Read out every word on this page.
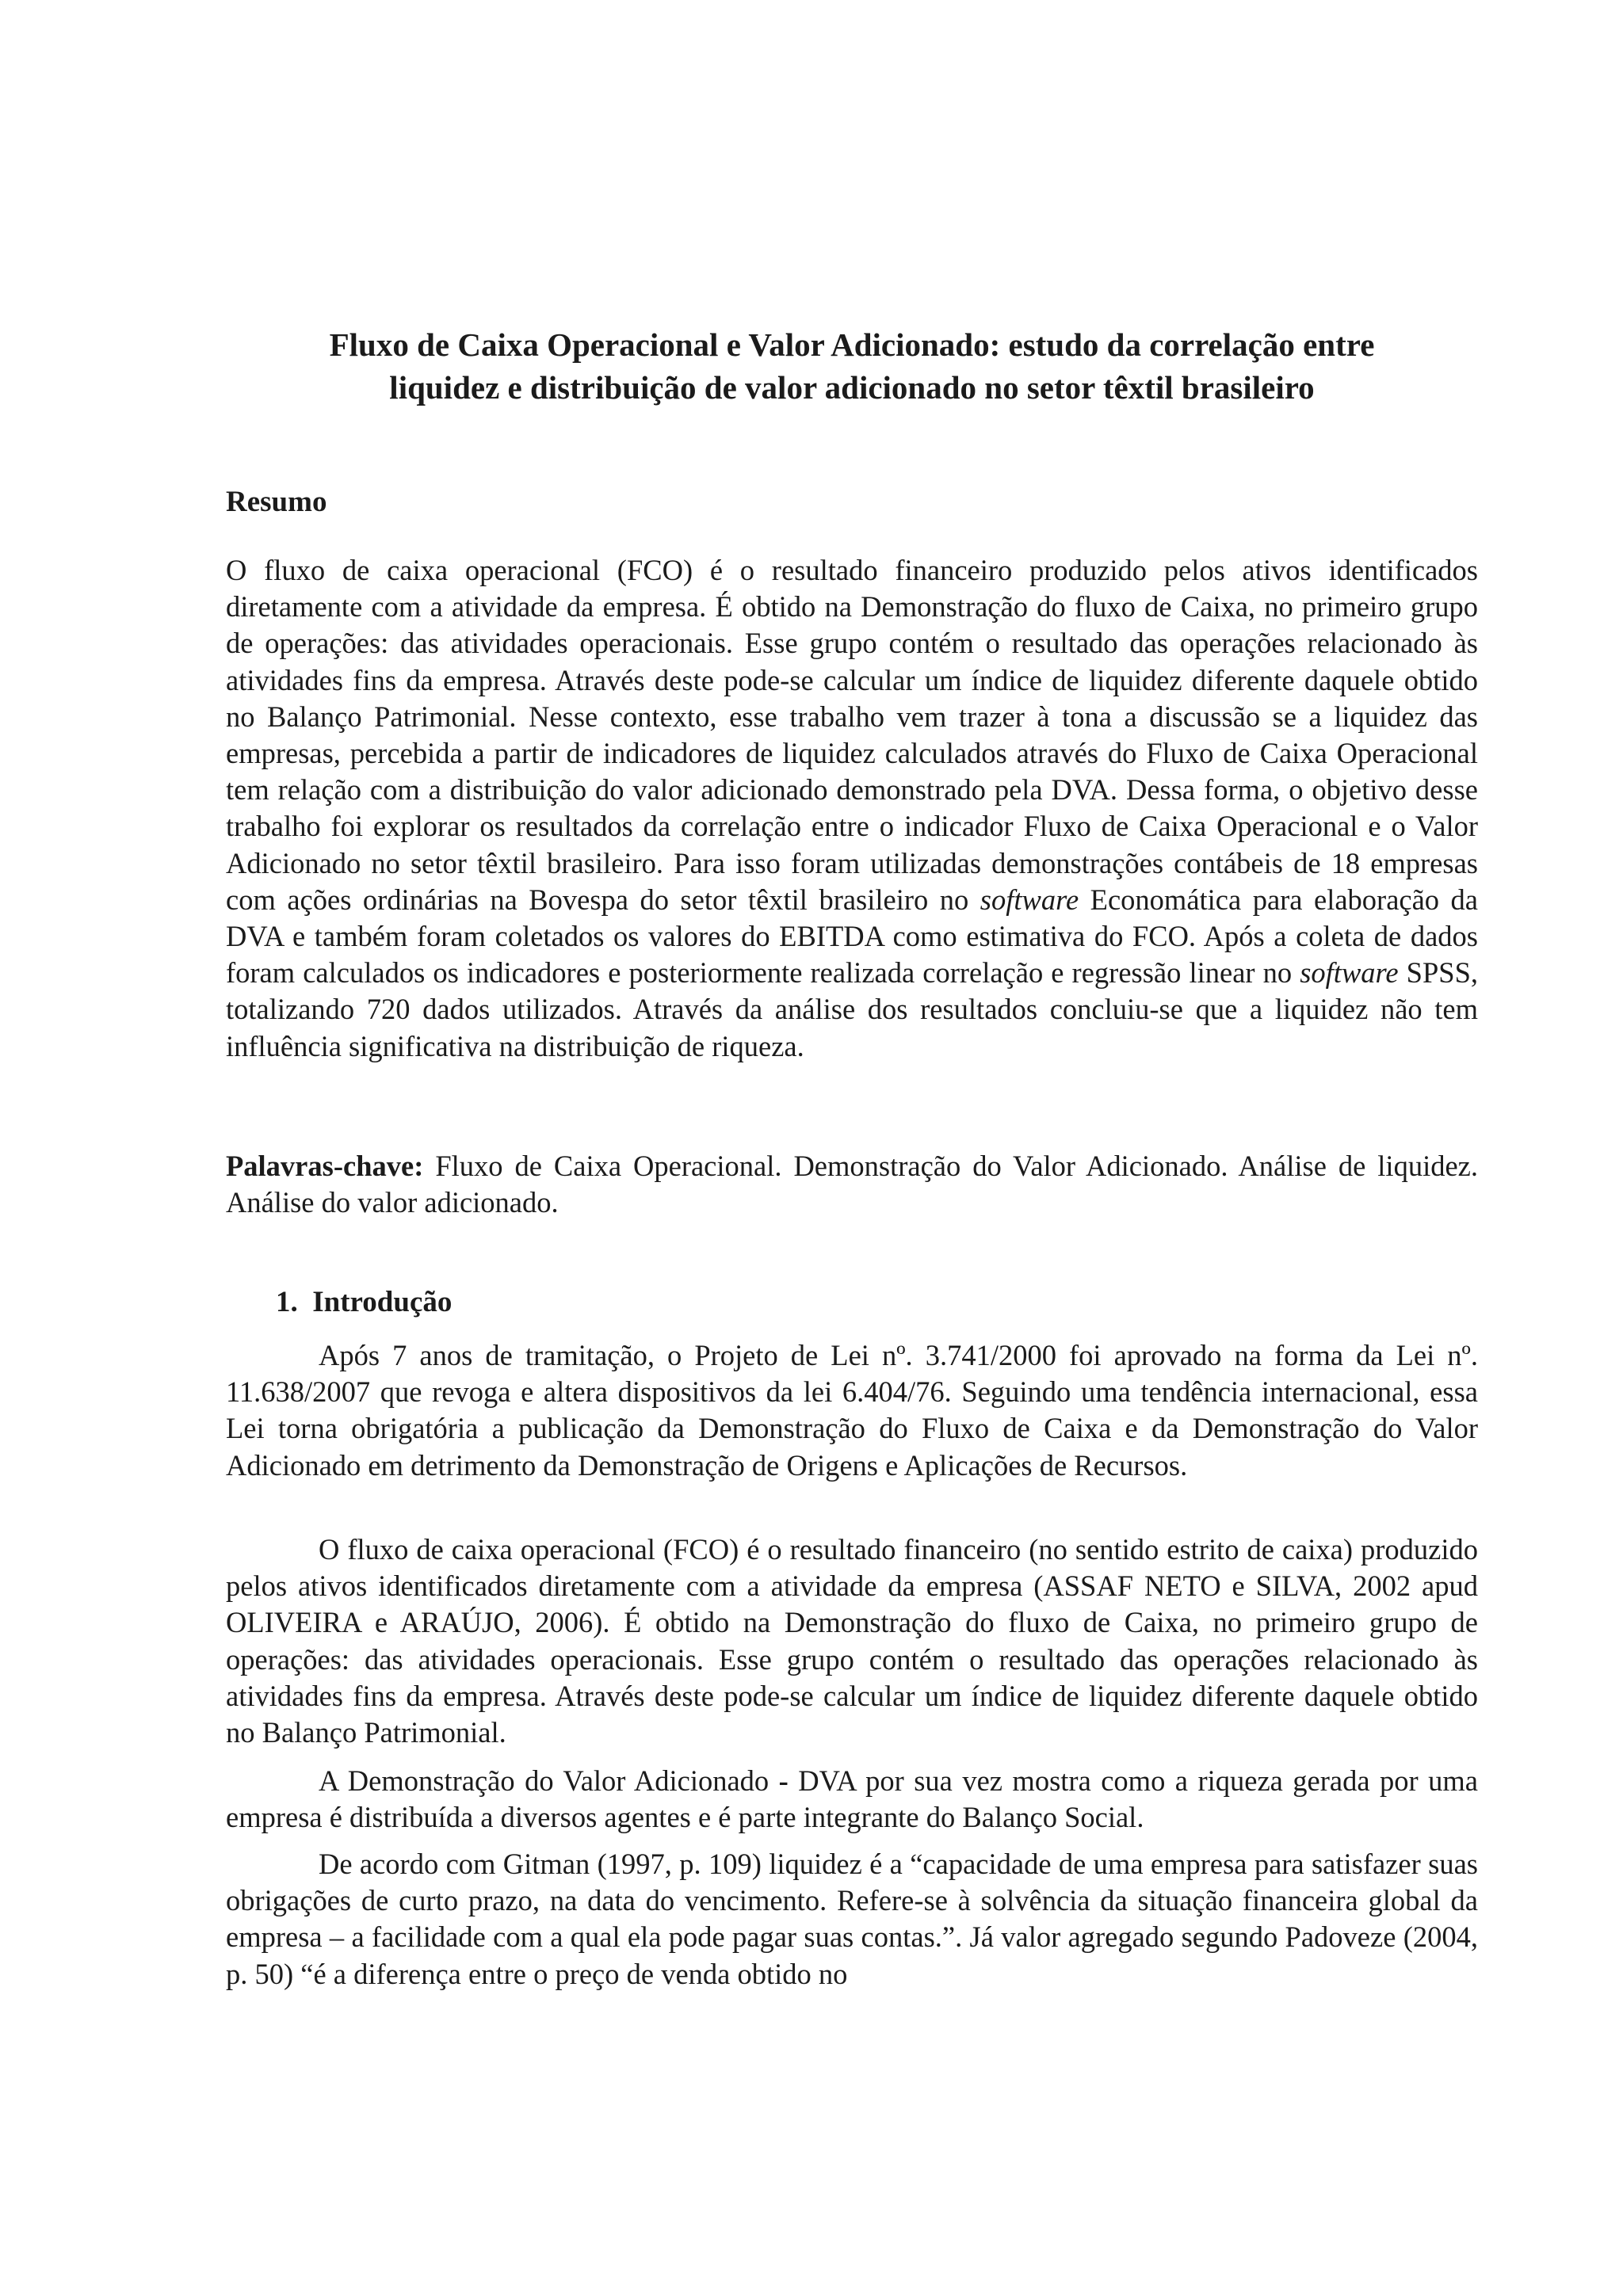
Fluxo de Caixa Operacional e Valor Adicionado: estudo da correlação entre
liquidez e distribuição de valor adicionado no setor têxtil brasileiro
Resumo

O fluxo de caixa operacional (FCO) é o resultado financeiro produzido pelos ativos identificados diretamente com a atividade da empresa. É obtido na Demonstração do fluxo de Caixa, no primeiro grupo de operações: das atividades operacionais. Esse grupo contém o resultado das operações relacionado às atividades fins da empresa. Através deste pode-se calcular um índice de liquidez diferente daquele obtido no Balanço Patrimonial. Nesse contexto, esse trabalho vem trazer à tona a discussão se a liquidez das empresas, percebida a partir de indicadores de liquidez calculados através do Fluxo de Caixa Operacional tem relação com a distribuição do valor adicionado demonstrado pela DVA. Dessa forma, o objetivo desse trabalho foi explorar os resultados da correlação entre o indicador Fluxo de Caixa Operacional e o Valor Adicionado no setor têxtil brasileiro. Para isso foram utilizadas demonstrações contábeis de 18 empresas com ações ordinárias na Bovespa do setor têxtil brasileiro no software Economática para elaboração da DVA e também foram coletados os valores do EBITDA como estimativa do FCO. Após a coleta de dados foram calculados os indicadores e posteriormente realizada correlação e regressão linear no software SPSS, totalizando 720 dados utilizados. Através da análise dos resultados concluiu-se que a liquidez não tem influência significativa na distribuição de riqueza.

Palavras-chave: Fluxo de Caixa Operacional. Demonstração do Valor Adicionado. Análise de liquidez. Análise do valor adicionado.

1. Introdução

Após 7 anos de tramitação, o Projeto de Lei nº. 3.741/2000 foi aprovado na forma da Lei nº. 11.638/2007 que revoga e altera dispositivos da lei 6.404/76. Seguindo uma tendência internacional, essa Lei torna obrigatória a publicação da Demonstração do Fluxo de Caixa e da Demonstração do Valor Adicionado em detrimento da Demonstração de Origens e Aplicações de Recursos.

O fluxo de caixa operacional (FCO) é o resultado financeiro (no sentido estrito de caixa) produzido pelos ativos identificados diretamente com a atividade da empresa (ASSAF NETO e SILVA, 2002 apud OLIVEIRA e ARAÚJO, 2006). É obtido na Demonstração do fluxo de Caixa, no primeiro grupo de operações: das atividades operacionais. Esse grupo contém o resultado das operações relacionado às atividades fins da empresa. Através deste pode-se calcular um índice de liquidez diferente daquele obtido no Balanço Patrimonial.

A Demonstração do Valor Adicionado - DVA por sua vez mostra como a riqueza gerada por uma empresa é distribuída a diversos agentes e é parte integrante do Balanço Social.

De acordo com Gitman (1997, p. 109) liquidez é a “capacidade de uma empresa para satisfazer suas obrigações de curto prazo, na data do vencimento. Refere-se à solvência da situação financeira global da empresa – a facilidade com a qual ela pode pagar suas contas.”. Já valor agregado segundo Padoveze (2004, p. 50) “é a diferença entre o preço de venda obtido no
